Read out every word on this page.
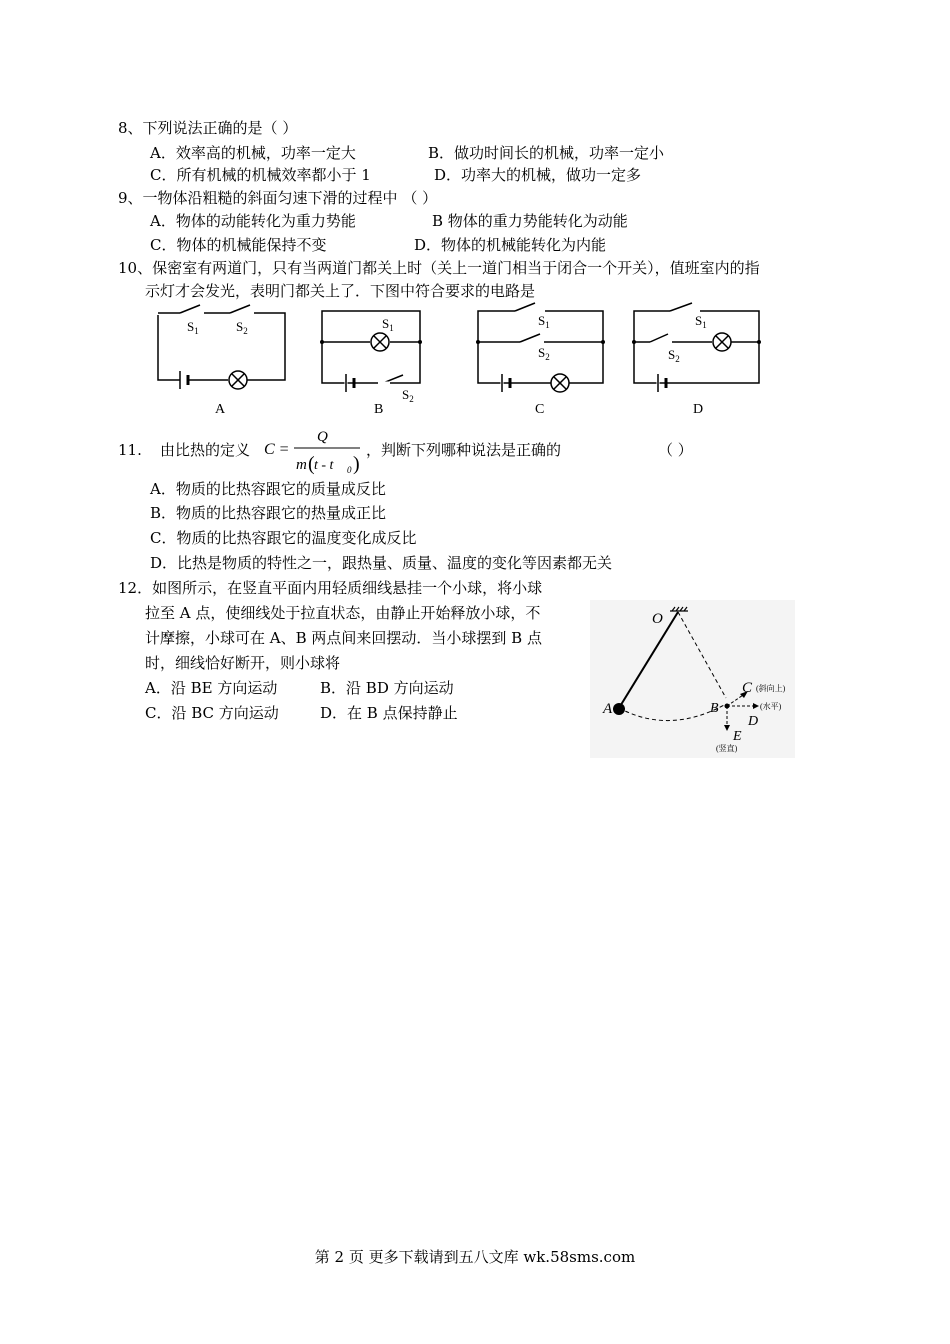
8、下列说法正确的是（ ）
A．效率高的机械，功率一定大	B．做功时间长的机械，功率一定小
C．所有机械的机械效率都小于 1	D．功率大的机械，做功一定多
9、一物体沿粗糙的斜面匀速下滑的过程中 （ ）
A．物体的动能转化为重力势能	B 物体的重力势能转化为动能
C．物体的机械能保持不变	D．物体的机械能转化为内能
10、保密室有两道门，只有当两道门都关上时（关上一道门相当于闭合一个开关），值班室内的指
示灯才会发光，表明门都关上了．下图中符合要求的电路是
$S_1$	$S_2$	$S_1$
$S_2$
$S_1$
$S_2$
$S_1$
$S_2$
A	B	C	D
11. 由比热的定义 C =
Q
m ( t - t 0 )
，判断下列哪种说法是正确的	（ ）
A．物质的比热容跟它的质量成反比
B．物质的比热容跟它的热量成正比
C．物质的比热容跟它的温度变化成反比
D．比热是物质的特性之一，跟热量、质量、温度的变化等因素都无关
12．如图所示，在竖直平面内用轻质细线悬挂一个小球，将小球
拉至 A 点，使细线处于拉直状态，由静止开始释放小球，不
计摩擦，小球可在 A、B 两点间来回摆动．当小球摆到 B 点
时，细线恰好断开，则小球将
A．沿 BE 方向运动	B．沿 BD 方向运动
C．沿 BC 方向运动	D．在 B 点保持静止
O
A	B
C
D
E
(斜向上)
(水平)
(竖直)
第 2 页 更多下载请到五八文库 wk.58sms.com
